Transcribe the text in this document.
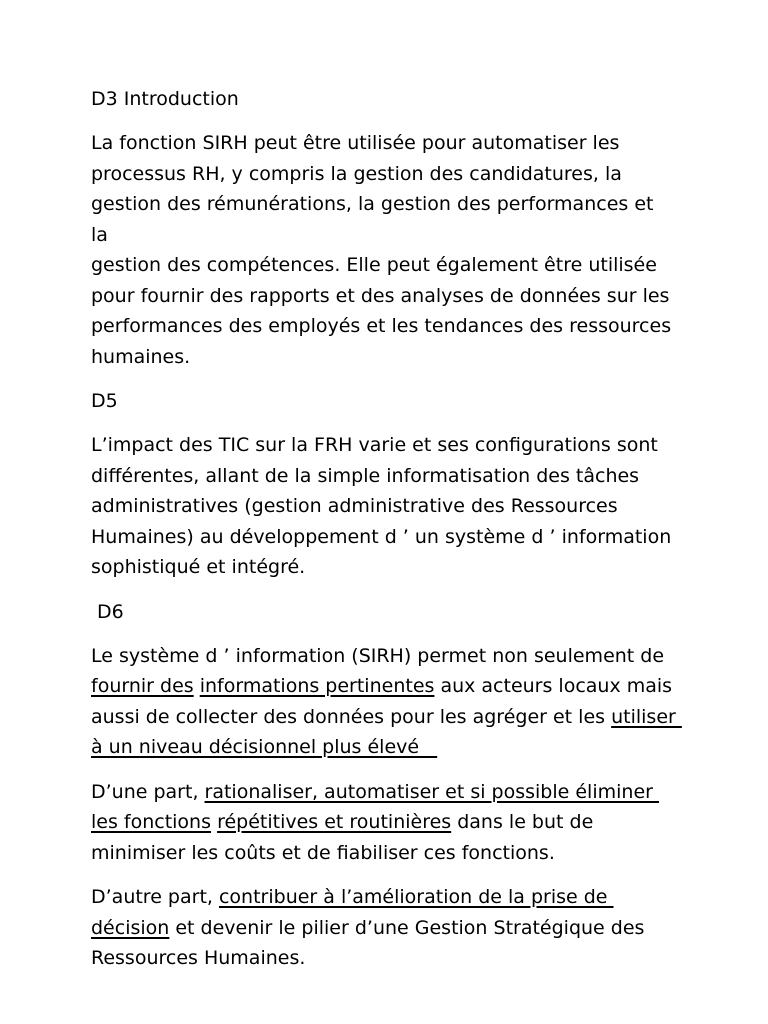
D3 Introduction
La fonction SIRH peut être utilisée pour automatiser les
processus RH, y compris la gestion des candidatures, la
gestion des rémunérations, la gestion des performances et la
gestion des compétences. Elle peut également être utilisée
pour fournir des rapports et des analyses de données sur les
performances des employés et les tendances des ressources
humaines.
D5
L’impact des TIC sur la FRH varie et ses configurations sont
différentes, allant de la simple informatisation des tâches
administratives (gestion administrative des Ressources
Humaines) au développement d ’ un système d ’ information
sophistiqué et intégré.
D6
Le système d ’ information (SIRH) permet non seulement de
fournir des informations pertinentes aux acteurs locaux mais
aussi de collecter des données pour les agréger et les utiliser
à un niveau décisionnel plus élevé
D’une part, rationaliser, automatiser et si possible éliminer
les fonctions répétitives et routinières dans le but de
minimiser les coûts et de fiabiliser ces fonctions.
D’autre part, contribuer à l’amélioration de la prise de
décision et devenir le pilier d’une Gestion Stratégique des
Ressources Humaines.
